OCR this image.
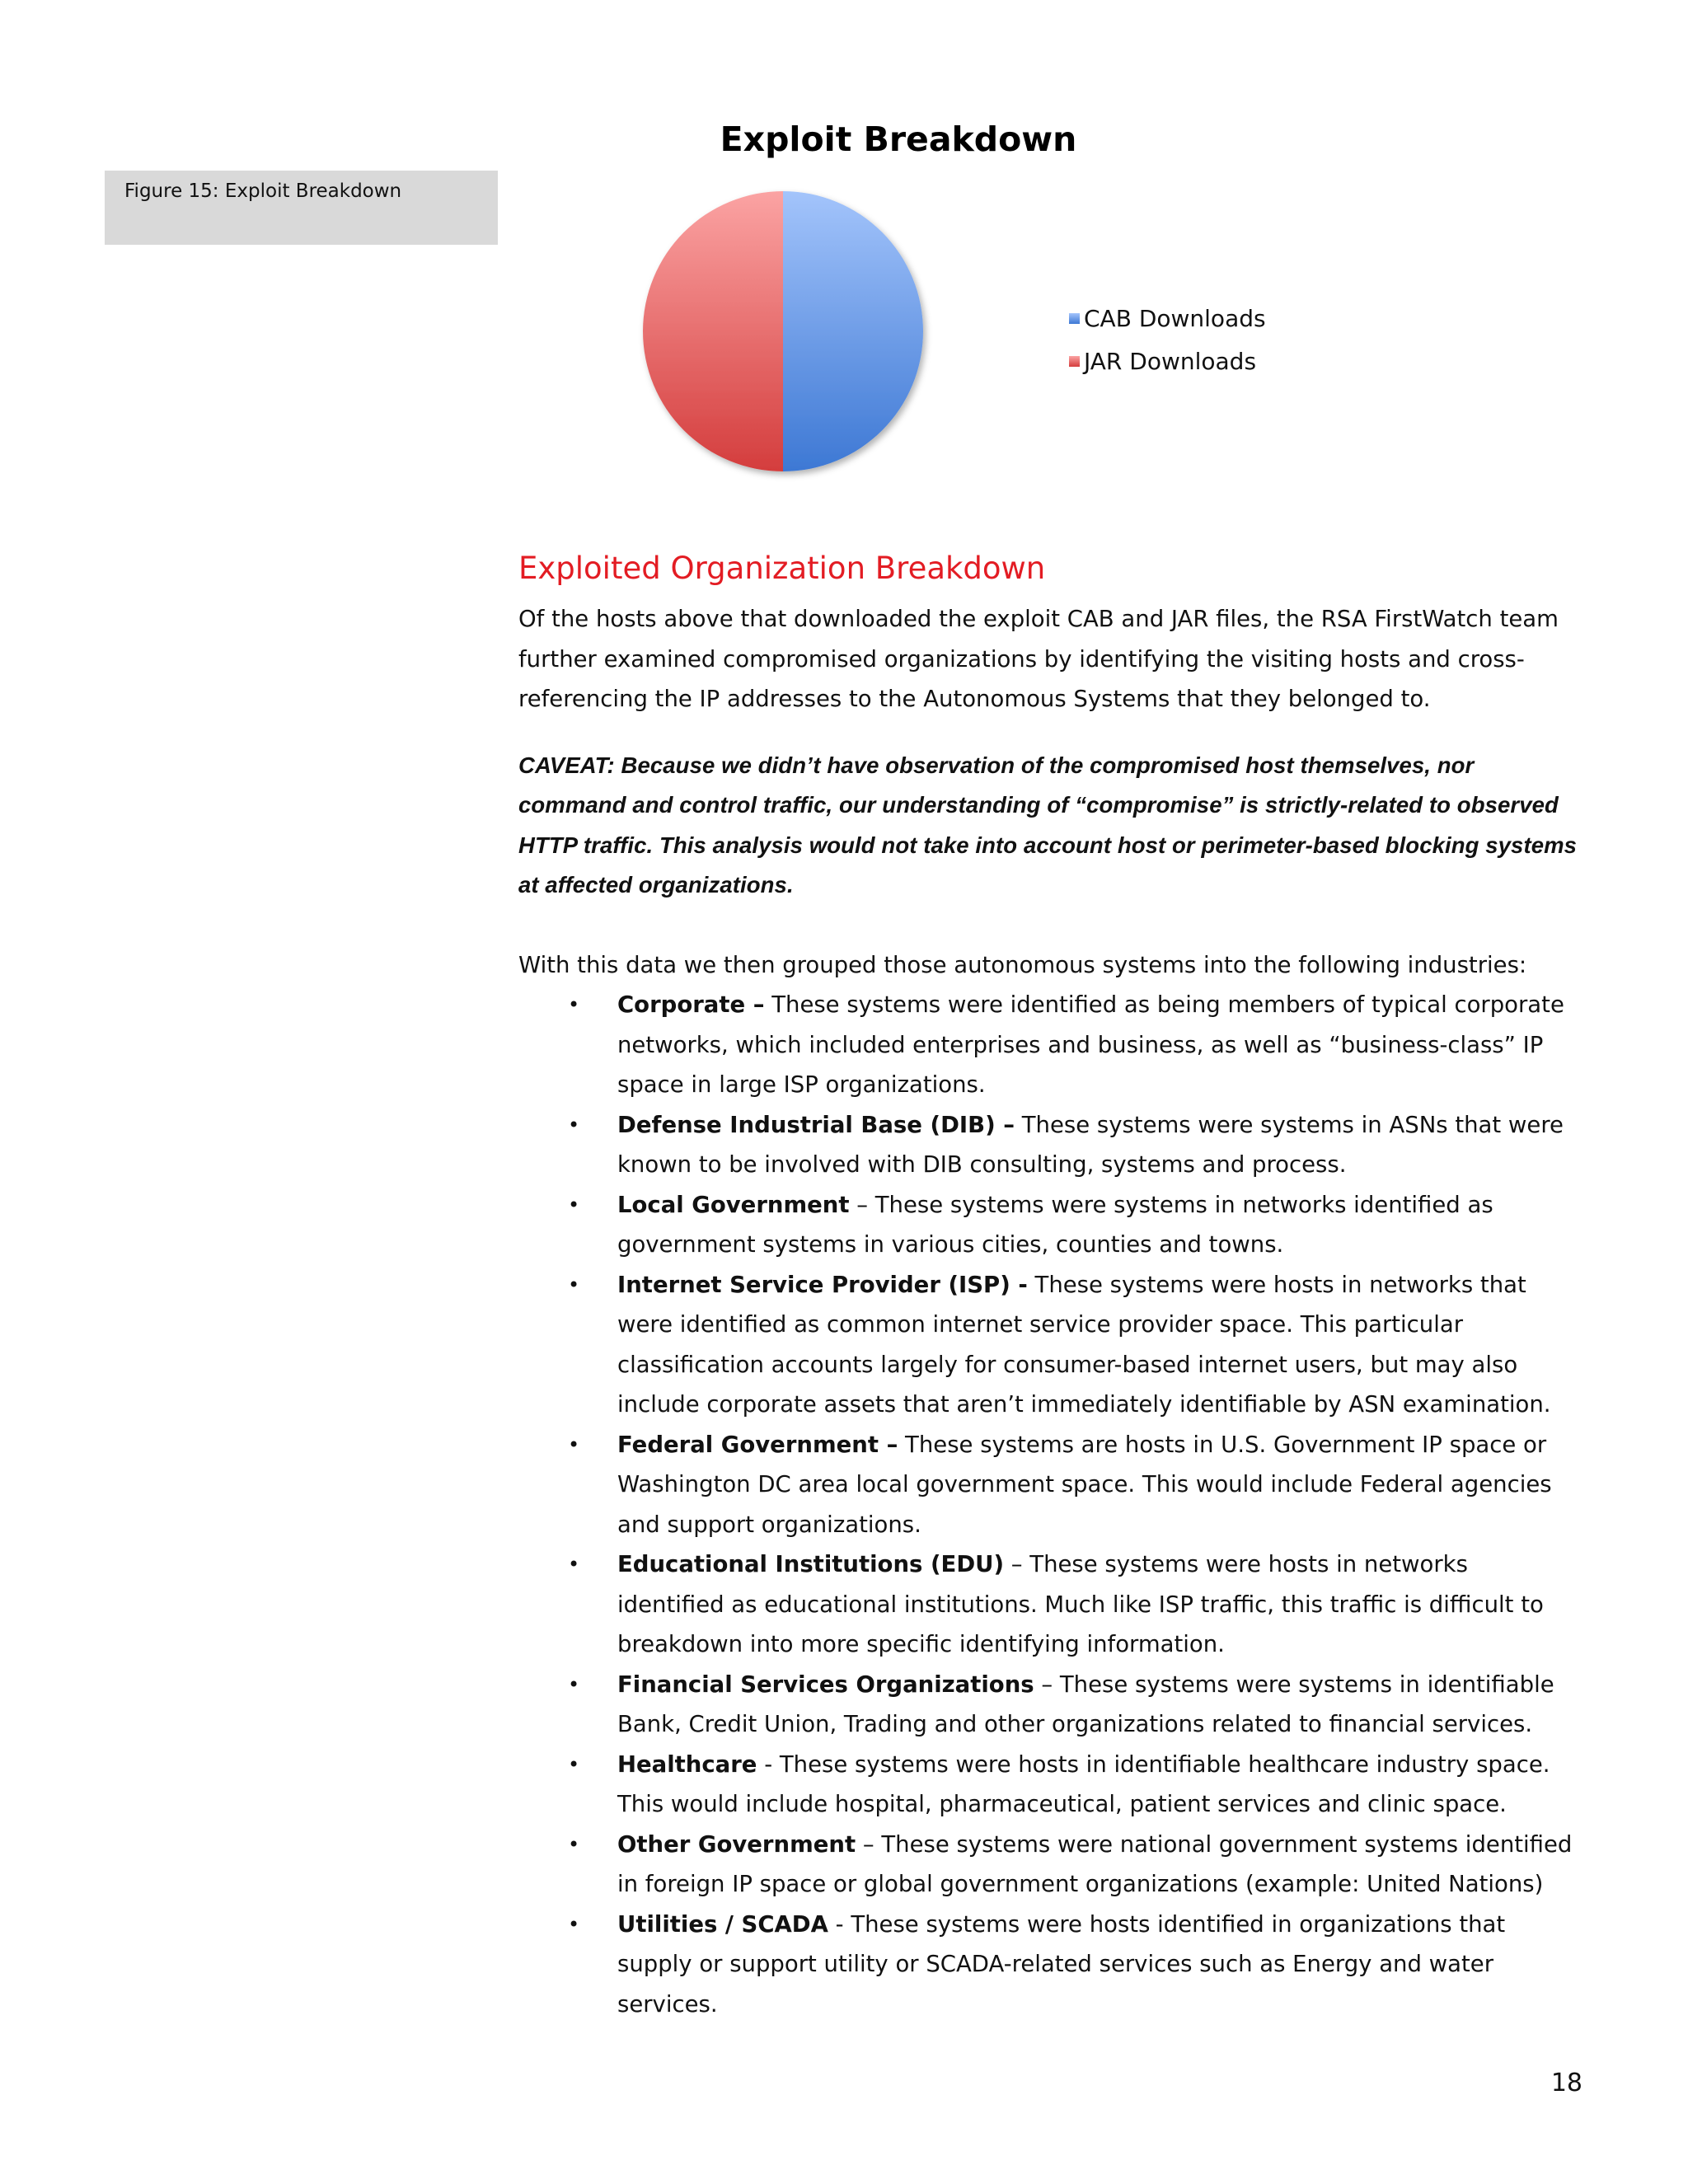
Figure 15: Exploit Breakdown
Exploit Breakdown
CAB Downloads
JAR Downloads
Exploited Organization Breakdown

Of the hosts above that downloaded the exploit CAB and JAR files, the RSA FirstWatch team further examined compromised organizations by identifying the visiting hosts and cross-referencing the IP addresses to the Autonomous Systems that they belonged to.

CAVEAT: Because we didn’t have observation of the compromised host themselves, nor command and control traffic, our understanding of “compromise” is strictly-related to observed HTTP traffic. This analysis would not take into account host or perimeter-based blocking systems at affected organizations.

With this data we then grouped those autonomous systems into the following industries:

• Corporate – These systems were identified as being members of typical corporate networks, which included enterprises and business, as well as “business-class” IP space in large ISP organizations.
• Defense Industrial Base (DIB) – These systems were systems in ASNs that were known to be involved with DIB consulting, systems and process.
• Local Government – These systems were systems in networks identified as government systems in various cities, counties and towns.
• Internet Service Provider (ISP) - These systems were hosts in networks that were identified as common internet service provider space. This particular classification accounts largely for consumer-based internet users, but may also include corporate assets that aren’t immediately identifiable by ASN examination.
• Federal Government – These systems are hosts in U.S. Government IP space or Washington DC area local government space. This would include Federal agencies and support organizations.
• Educational Institutions (EDU) – These systems were hosts in networks identified as educational institutions. Much like ISP traffic, this traffic is difficult to breakdown into more specific identifying information.
• Financial Services Organizations – These systems were systems in identifiable Bank, Credit Union, Trading and other organizations related to financial services.
• Healthcare - These systems were hosts in identifiable healthcare industry space. This would include hospital, pharmaceutical, patient services and clinic space.
• Other Government – These systems were national government systems identified in foreign IP space or global government organizations (example: United Nations)
• Utilities / SCADA - These systems were hosts identified in organizations that supply or support utility or SCADA-related services such as Energy and water services.
18
